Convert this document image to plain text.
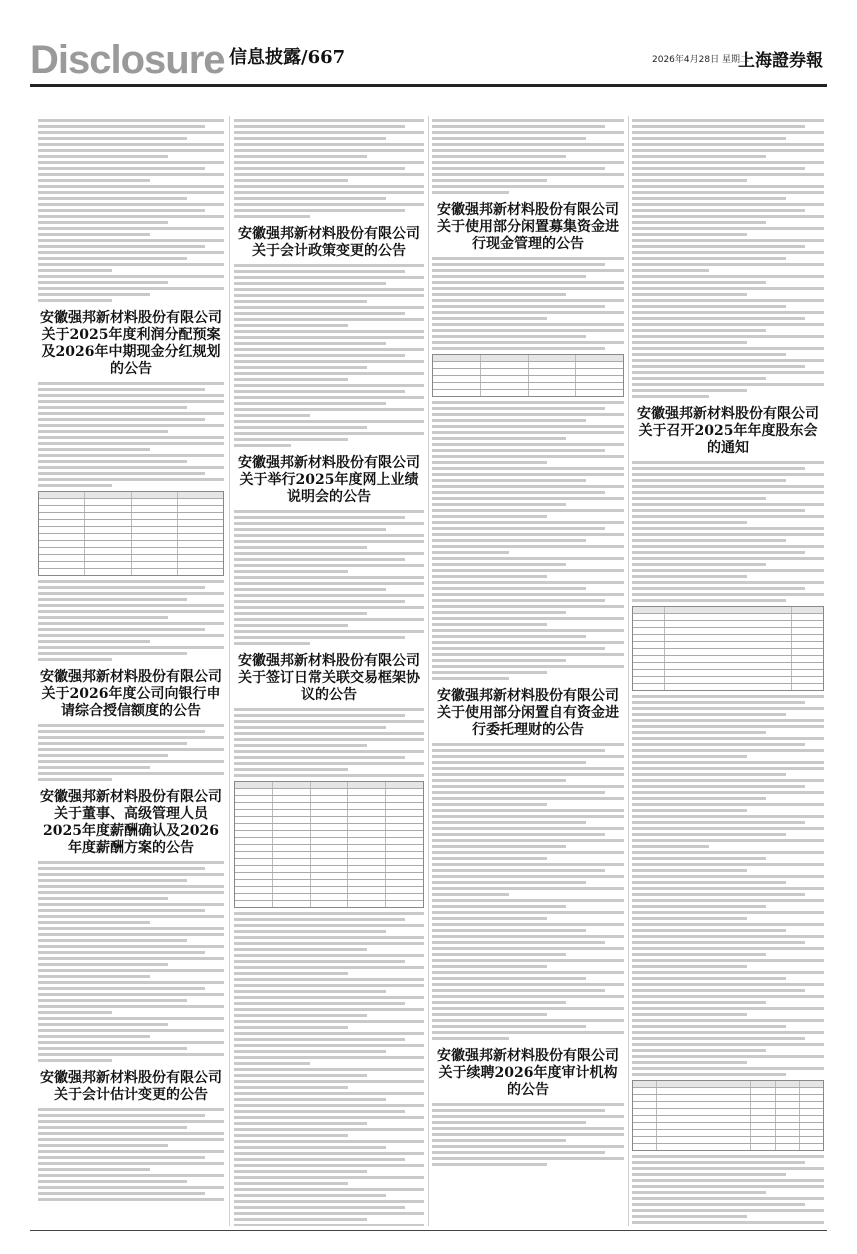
Disclosure 信息披露/667	2026年4月28日 星期二
上海證券報
安徽强邦新材料股份有限公司关于2025年度利润分配预案及2026年中期现金分红规划的公告
安徽强邦新材料股份有限公司关于2026年度公司向银行申请综合授信额度的公告
安徽强邦新材料股份有限公司关于董事、高级管理人员2025年度薪酬确认及2026年度薪酬方案的公告
安徽强邦新材料股份有限公司关于会计估计变更的公告
安徽强邦新材料股份有限公司关于会计政策变更的公告
安徽强邦新材料股份有限公司关于举行2025年度网上业绩说明会的公告
安徽强邦新材料股份有限公司关于签订日常关联交易框架协议的公告
安徽强邦新材料股份有限公司关于使用部分闲置募集资金进行现金管理的公告
安徽强邦新材料股份有限公司关于使用部分闲置自有资金进行委托理财的公告
安徽强邦新材料股份有限公司关于续聘2026年度审计机构的公告
安徽强邦新材料股份有限公司关于召开2025年年度股东会的通知
